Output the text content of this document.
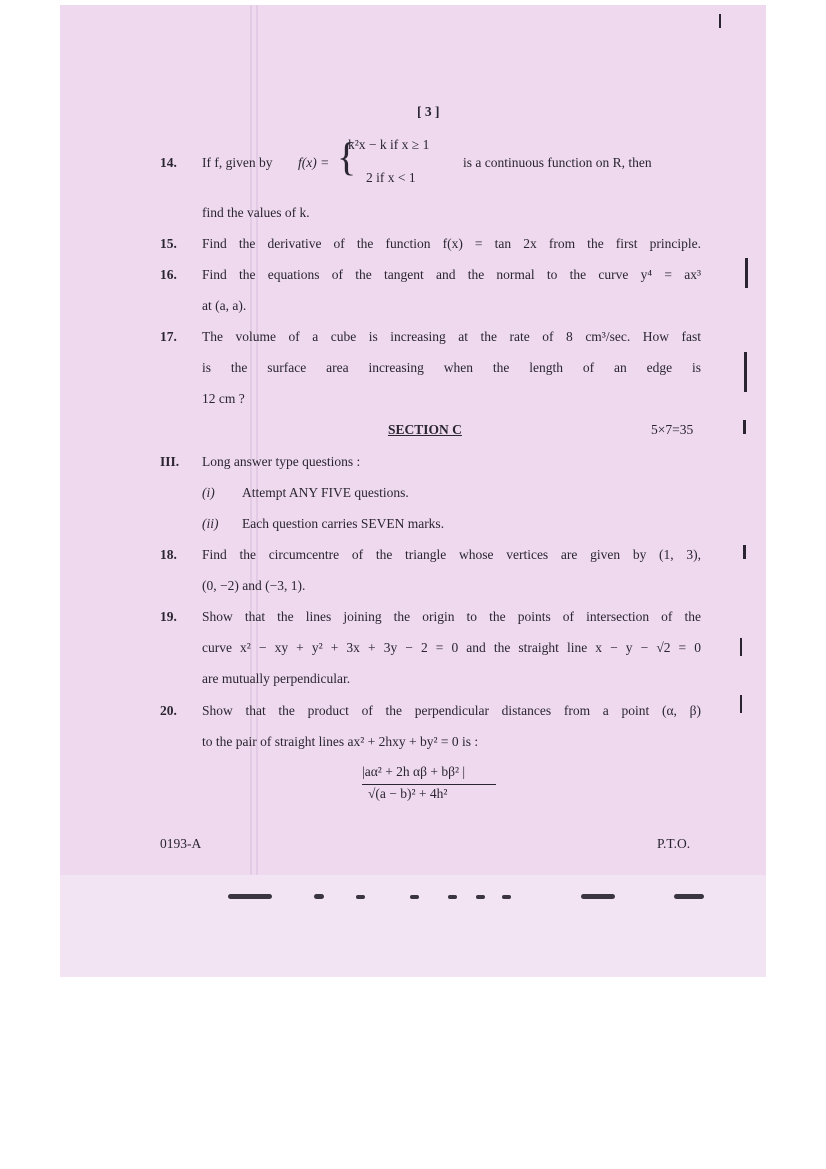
[ 3 ]
14. If f, given by f(x) = {
k²x − k if x ≥ 1
2 if x < 1
is a continuous function on R, then
find the values of k.
15. Find the derivative of the function f(x) = tan 2x from the first principle.
16. Find the equations of the tangent and the normal to the curve y⁴ = ax³
at (a, a).
17. The volume of a cube is increasing at the rate of 8 cm³/sec. How fast
is the surface area increasing when the length of an edge is
12 cm ?
SECTION C	5×7=35
III. Long answer type questions :
(i) Attempt ANY FIVE questions.
(ii) Each question carries SEVEN marks.
18. Find the circumcentre of the triangle whose vertices are given by (1, 3),
(0, −2) and (−3, 1).
19. Show that the lines joining the origin to the points of intersection of the
curve x² − xy + y² + 3x + 3y − 2 = 0 and the straight line x − y − √2 = 0
are mutually perpendicular.
20. Show that the product of the perpendicular distances from a point (α, β)
to the pair of straight lines ax² + 2hxy + by² = 0 is :
|aα² + 2h αβ + bβ² |
√(a − b)² + 4h²
0193-A	P.T.O.
